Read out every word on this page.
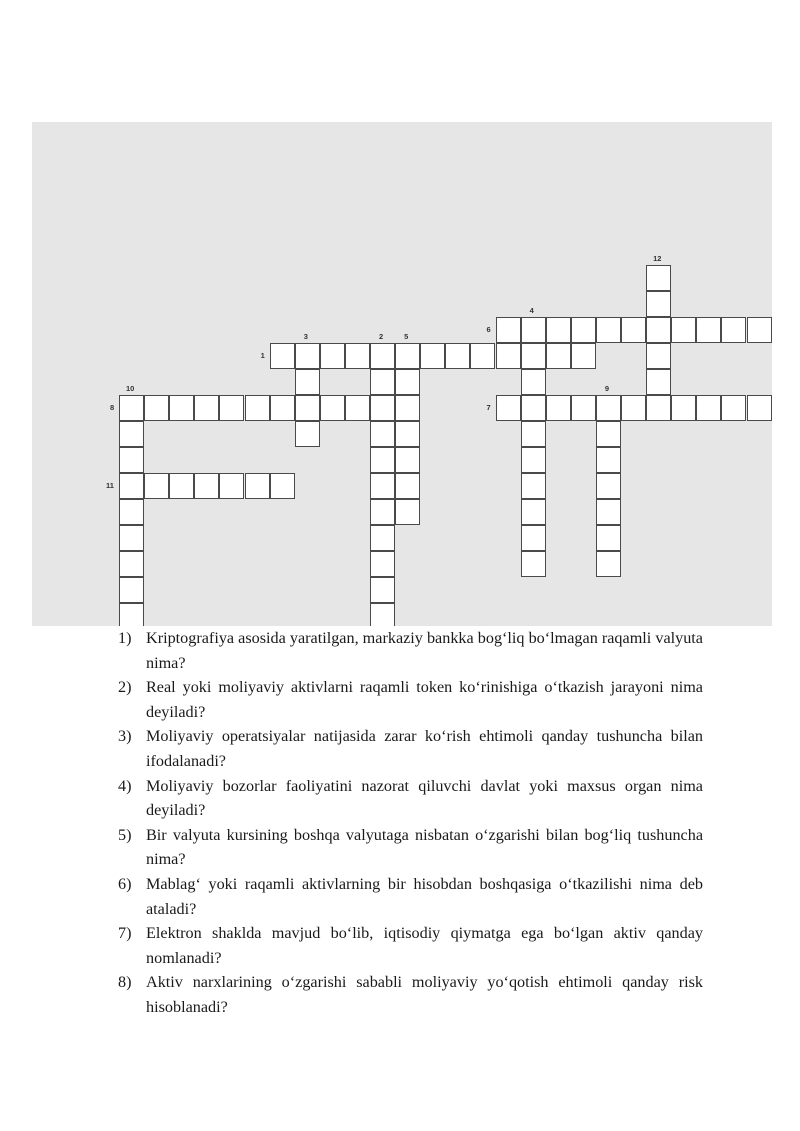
1
2
3
4
5
6
7
8
9
10
11
12
1) Kriptografiya asosida yaratilgan, markaziy bankka bog‘liq bo‘lmagan raqamli valyuta nima?
2) Real yoki moliyaviy aktivlarni raqamli token ko‘rinishiga o‘tkazish jarayoni nima deyiladi?
3) Moliyaviy operatsiyalar natijasida zarar ko‘rish ehtimoli qanday tushuncha bilan ifodalanadi?
4) Moliyaviy bozorlar faoliyatini nazorat qiluvchi davlat yoki maxsus organ nima deyiladi?
5) Bir valyuta kursining boshqa valyutaga nisbatan o‘zgarishi bilan bog‘liq tushuncha nima?
6) Mablag‘ yoki raqamli aktivlarning bir hisobdan boshqasiga o‘tkazilishi nima deb ataladi?
7) Elektron shaklda mavjud bo‘lib, iqtisodiy qiymatga ega bo‘lgan aktiv qanday nomlanadi?
8) Aktiv narxlarining o‘zgarishi sababli moliyaviy yo‘qotish ehtimoli qanday risk hisoblanadi?
